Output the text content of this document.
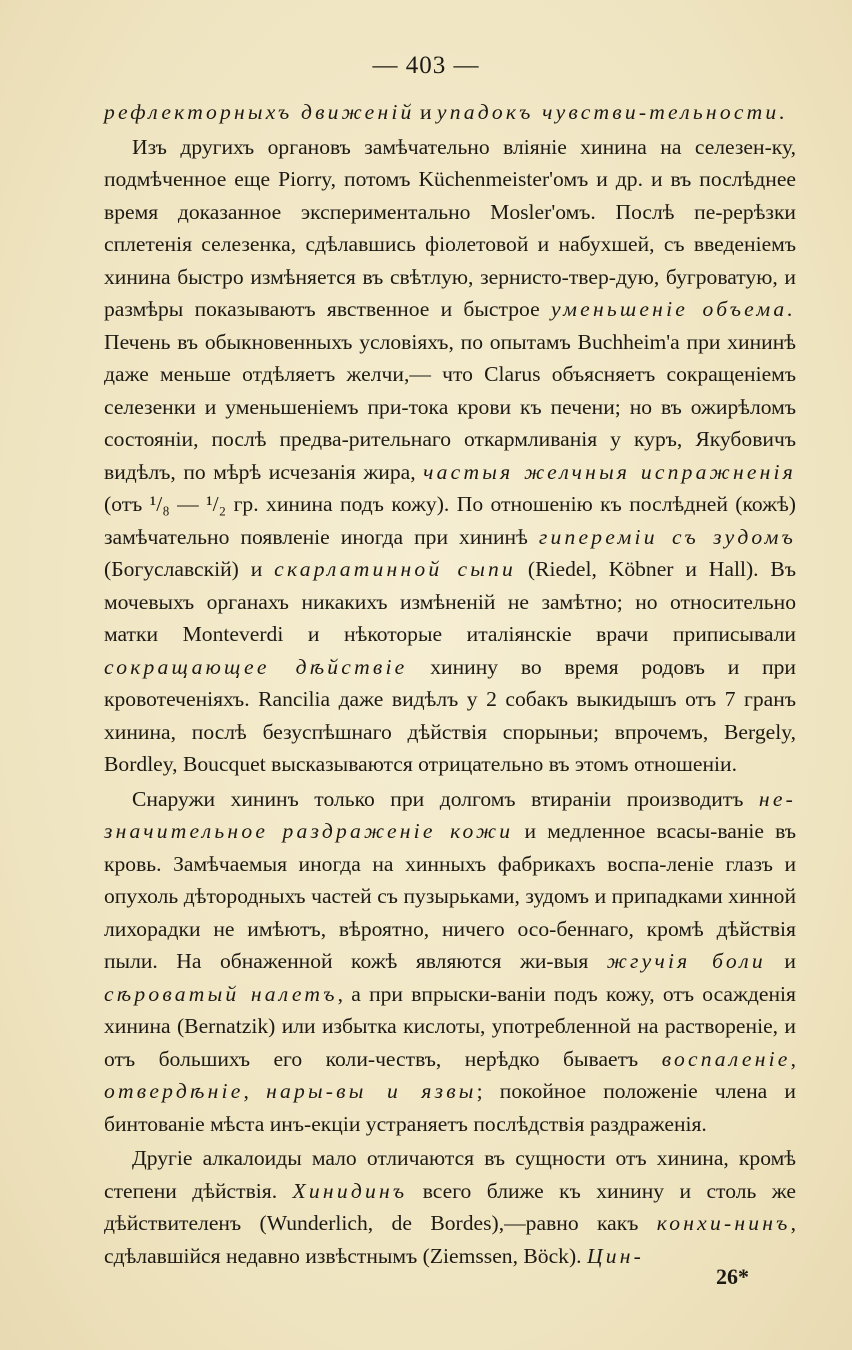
— 403 —

рефлекторныхъ движеній и упадокъ чувстви-тельности.

Изъ другихъ органовъ замѣчательно вліяніе хинина на селезен-ку, подмѣченное еще Piorry, потомъ Küchenmeister'омъ и др. и въ послѣднее время доказанное экспериментально Mosler'омъ. Послѣ пе-рерѣзки сплетенія селезенка, сдѣлавшись фіолетовой и набухшей, съ введеніемъ хинина быстро измѣняется въ свѣтлую, зернисто-твер-дую, бугроватую, и размѣры показываютъ явственное и быстрое уменьшеніе объема. Печень въ обыкновенныхъ условіяхъ, по опытамъ Buchheim'а при хининѣ даже меньше отдѣляетъ желчи,— что Clarus объясняетъ сокращеніемъ селезенки и уменьшеніемъ при-тока крови къ печени; но въ ожирѣломъ состояніи, послѣ предва-рительнаго откармливанія у куръ, Якубовичъ видѣлъ, по мѣрѣ исчезанія жира, частыя желчныя испражненія (отъ ¹/₈ — ¹/₂ гр. хинина подъ кожу). По отношенію къ послѣдней (кожѣ) замѣчательно появленіе иногда при хининѣ гиперемiи съ зудомъ (Богуславскій) и скарлатинной сыпи (Riedel, Köbner и Hall). Въ мочевыхъ органахъ никакихъ измѣненій не замѣтно; но относительно матки Monteverdi и нѣкоторые италіянскіе врачи приписывали сокращающее дѣйствiе хинину во время родовъ и при кровотеченіяхъ. Rancilia даже видѣлъ у 2 собакъ выкидышъ отъ 7 гранъ хинина, послѣ безуспѣшнаго дѣйствія спорыньи; впрочемъ, Bergely, Bordley, Boucquet высказываются отрицательно въ этомъ отношеніи.

Снаружи хининъ только при долгомъ втираніи производитъ не-значительное раздраженіе кожи и медленное всасы-ваніе въ кровь. Замѣчаемыя иногда на хинныхъ фабрикахъ воспа-леніе глазъ и опухоль дѣтородныхъ частей съ пузырьками, зудомъ и припадками хинной лихорадки не имѣютъ, вѣроятно, ничего осо-беннаго, кромѣ дѣйствія пыли. На обнаженной кожѣ являются жи-выя жгучiя боли и сѣроватый налетъ, а при впрыски-ваніи подъ кожу, отъ осажденія хинина (Bernatzik) или избытка кислоты, употребленной на раствореніе, и отъ большихъ его коли-чествъ, нерѣдко бываетъ воспаленiе, отвердѣнiе, нары-вы и язвы; покойное положеніе члена и бинтованіе мѣста инъ-екціи устраняетъ послѣдствія раздраженія.

Другіе алкалоиды мало отличаются въ сущности отъ хинина, кромѣ степени дѣйствія. Хинидинъ всего ближе къ хинину и столь же дѣйствителенъ (Wunderlich, de Bordes),—равно какъ конхи-нинъ, сдѣлавшійся недавно извѣстнымъ (Ziemssen, Böck). Цин-

26*
